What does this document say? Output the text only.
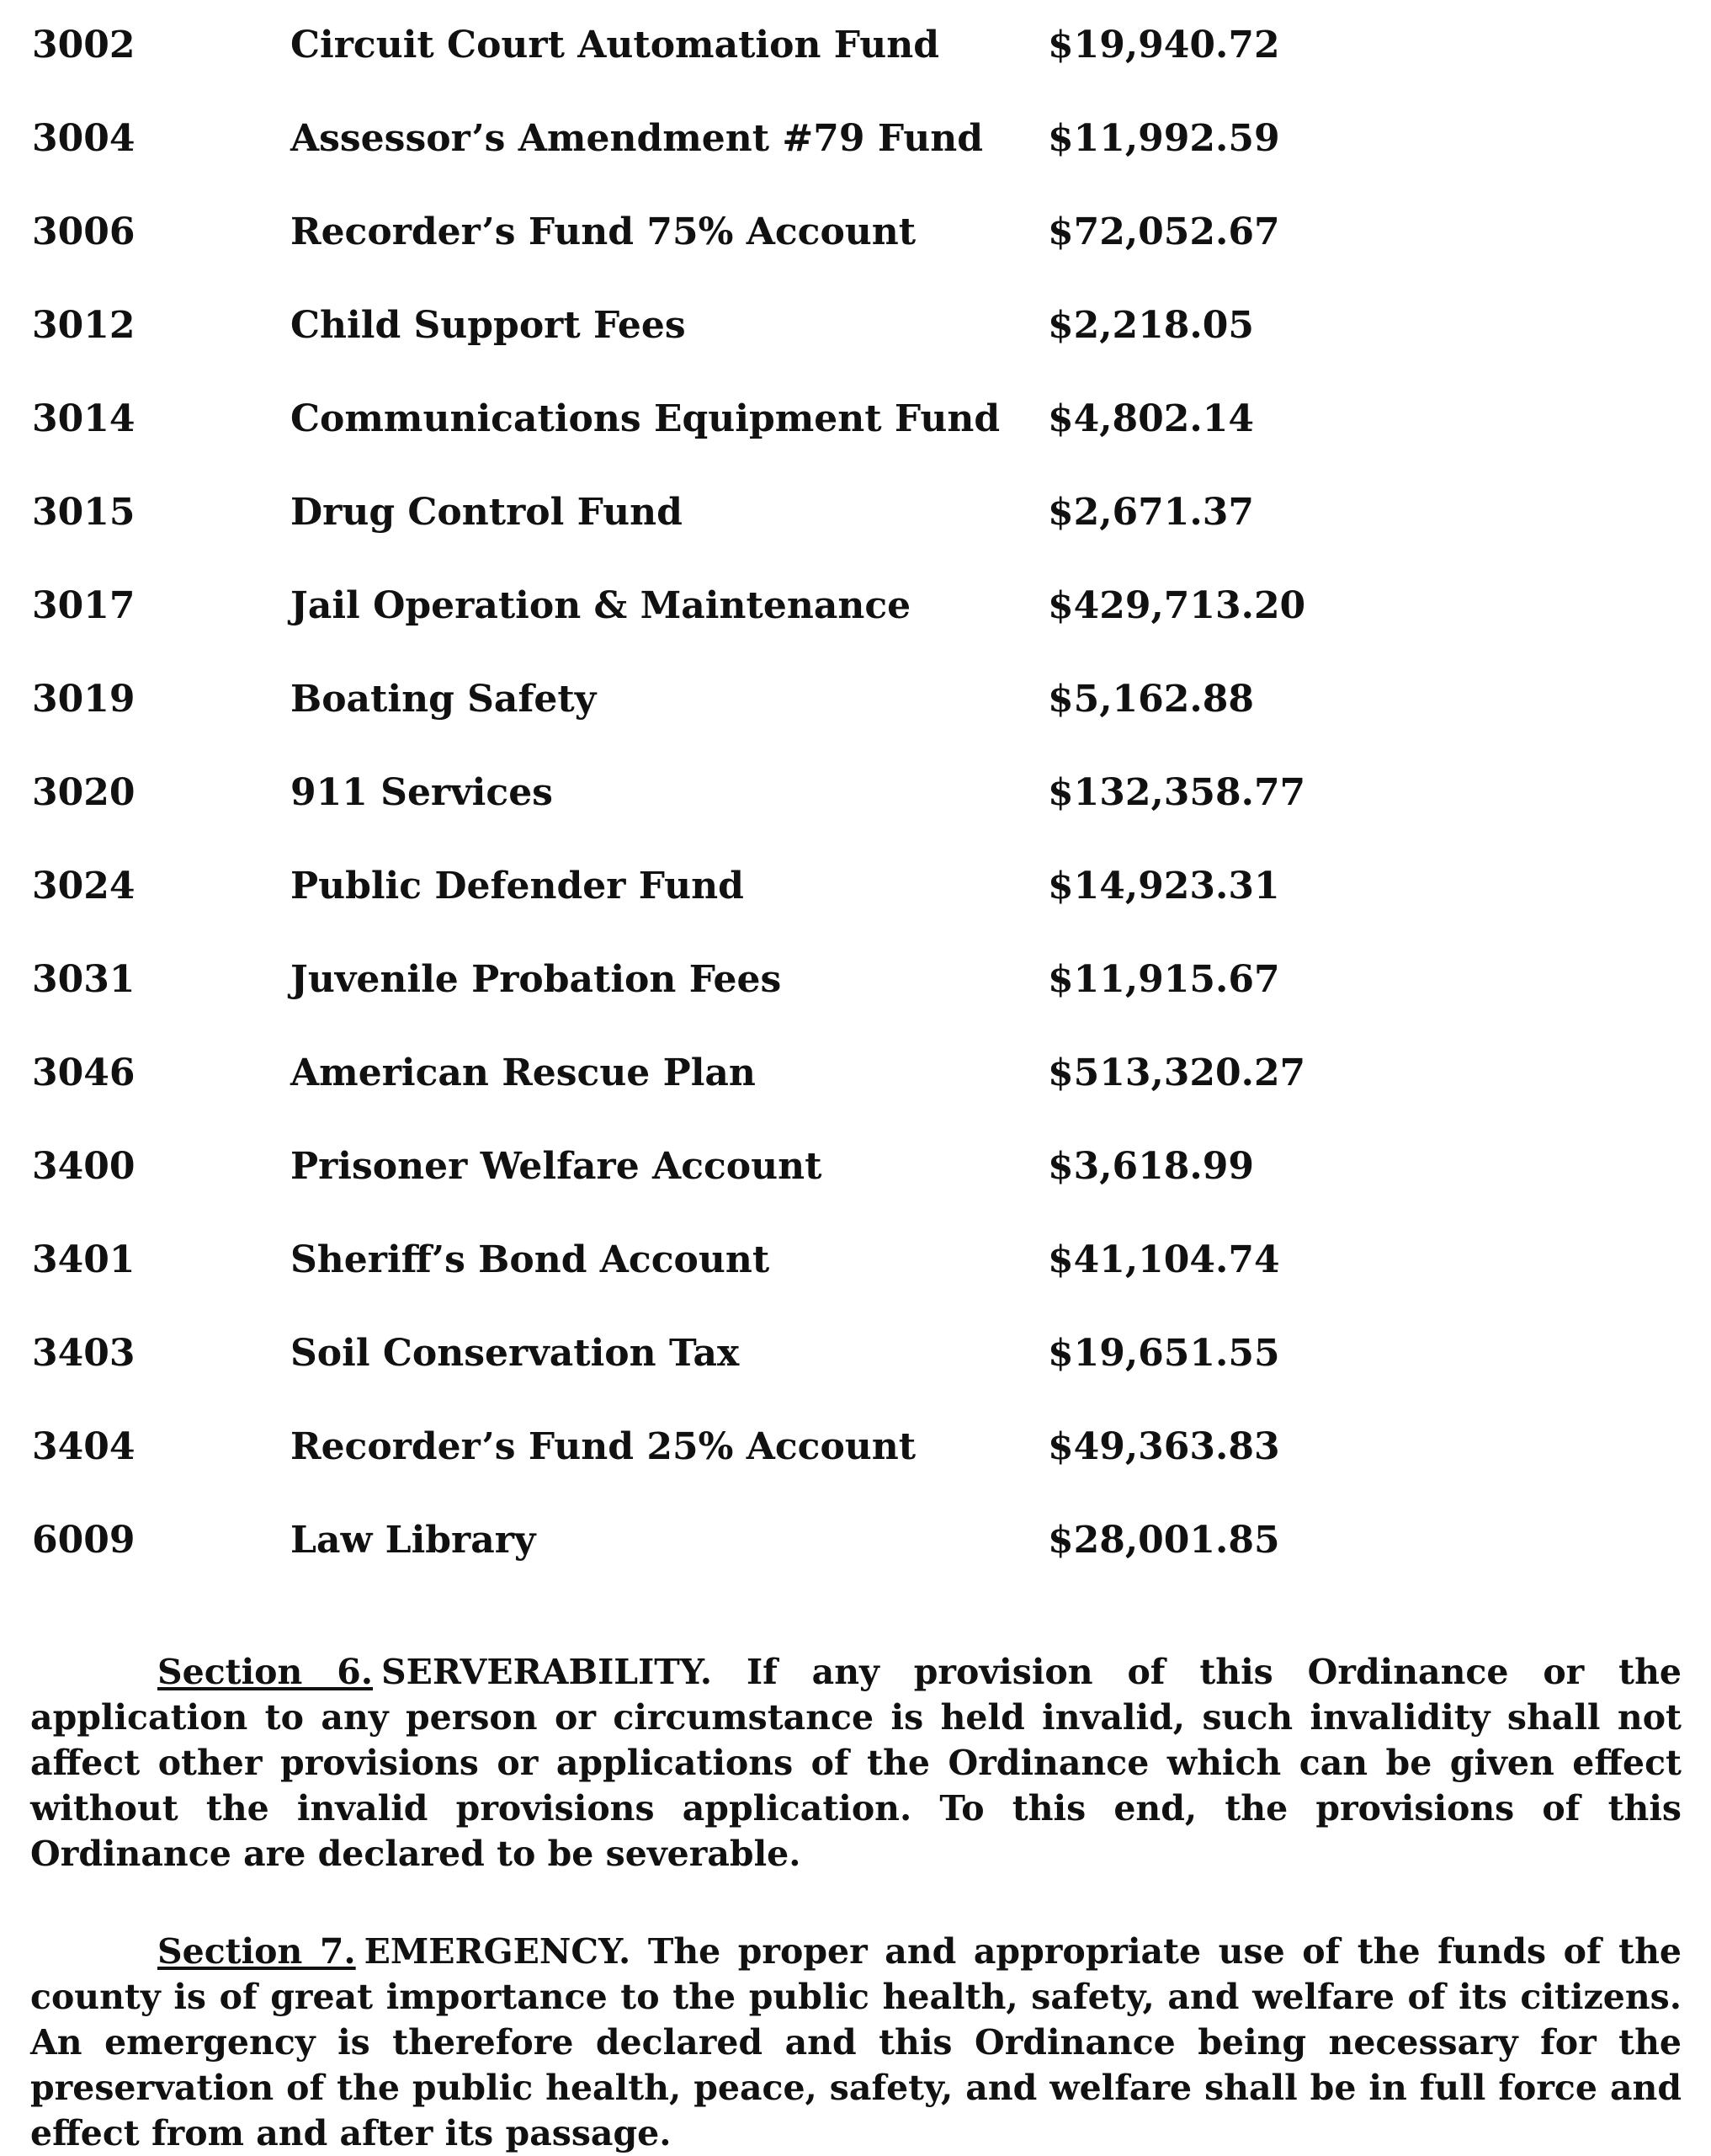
3002	Circuit Court Automation Fund	$19,940.72
3004	Assessor’s Amendment #79 Fund $11,992.59
3006	Recorder’s Fund 75% Account	$72,052.67
3012	Child Support Fees	$2,218.05
3014	Communications Equipment Fund $4,802.14
3015	Drug Control Fund	$2,671.37
3017	Jail Operation & Maintenance	$429,713.20
3019	Boating Safety	$5,162.88
3020	911 Services	$132,358.77
3024	Public Defender Fund	$14,923.31
3031	Juvenile Probation Fees	$11,915.67
3046	American Rescue Plan	$513,320.27
3400	Prisoner Welfare Account	$3,618.99
3401	Sheriff’s Bond Account	$41,104.74
3403	Soil Conservation Tax	$19,651.55
3404	Recorder’s Fund 25% Account	$49,363.83
6009	Law Library	$28,001.85

Section 6. SERVERABILITY. If any provision of this Ordinance or the application to any person or circumstance is held invalid, such invalidity shall not affect other provisions or applications of the Ordinance which can be given effect without the invalid provisions application. To this end, the provisions of this Ordinance are declared to be severable.

Section 7. EMERGENCY. The proper and appropriate use of the funds of the county is of great importance to the public health, safety, and welfare of its citizens. An emergency is therefore declared and this Ordinance being necessary for the preservation of the public health, peace, safety, and welfare shall be in full force and effect from and after its passage.
